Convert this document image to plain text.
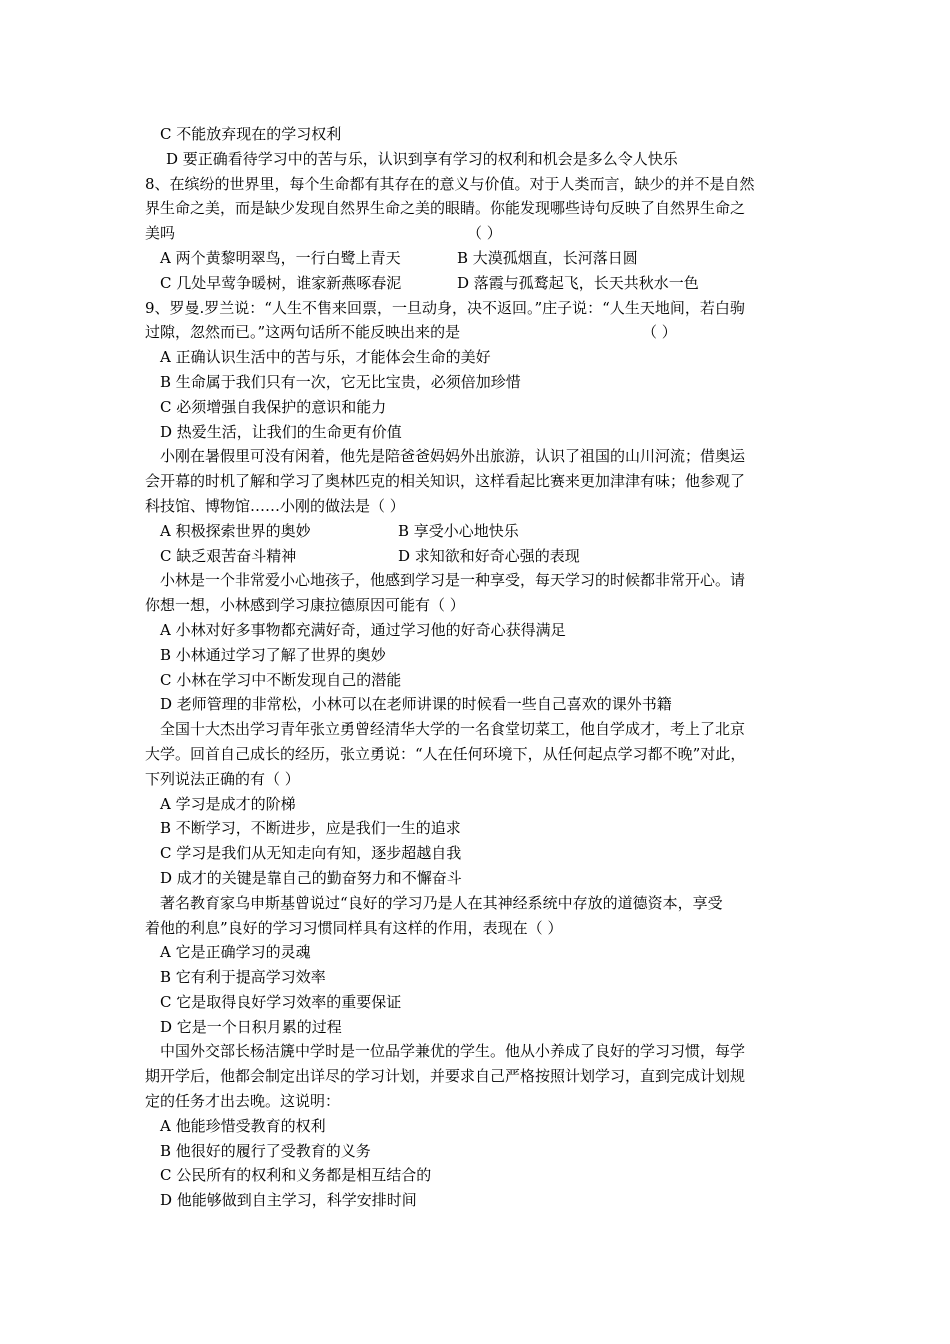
C 不能放弃现在的学习权利
D 要正确看待学习中的苦与乐，认识到享有学习的权利和机会是多么令人快乐
8、在缤纷的世界里，每个生命都有其存在的意义与价值。对于人类而言，缺少的并不是自然
界生命之美，而是缺少发现自然界生命之美的眼睛。你能发现哪些诗句反映了自然界生命之
美吗	（ ）
A 两个黄黎明翠鸟，一行白鹭上青天	B 大漠孤烟直，长河落日圆
C 几处早莺争暖树，谁家新燕啄春泥	D 落霞与孤鹜起飞，长天共秋水一色
9、罗曼.罗兰说：“人生不售来回票，一旦动身，决不返回。”庄子说：“人生天地间，若白驹
过隙，忽然而已。”这两句话所不能反映出来的是	（ ）
A 正确认识生活中的苦与乐，才能体会生命的美好
B 生命属于我们只有一次，它无比宝贵，必须倍加珍惜
C 必须增强自我保护的意识和能力
D 热爱生活，让我们的生命更有价值
小刚在暑假里可没有闲着，他先是陪爸爸妈妈外出旅游，认识了祖国的山川河流；借奥运
会开幕的时机了解和学习了奥林匹克的相关知识，这样看起比赛来更加津津有味；他参观了
科技馆、博物馆……小刚的做法是（ ）
A 积极探索世界的奥妙	B 享受小心地快乐
C 缺乏艰苦奋斗精神	D 求知欲和好奇心强的表现
小林是一个非常爱小心地孩子，他感到学习是一种享受，每天学习的时候都非常开心。请
你想一想，小林感到学习康拉德原因可能有（ ）
A 小林对好多事物都充满好奇，通过学习他的好奇心获得满足
B 小林通过学习了解了世界的奥妙
C 小林在学习中不断发现自己的潜能
D 老师管理的非常松，小林可以在老师讲课的时候看一些自己喜欢的课外书籍
全国十大杰出学习青年张立勇曾经清华大学的一名食堂切菜工，他自学成才，考上了北京
大学。回首自己成长的经历，张立勇说：“人在任何环境下，从任何起点学习都不晚”对此，
下列说法正确的有（ ）
A 学习是成才的阶梯
B 不断学习，不断进步，应是我们一生的追求
C 学习是我们从无知走向有知，逐步超越自我
D 成才的关键是靠自己的勤奋努力和不懈奋斗
著名教育家乌申斯基曾说过“良好的学习乃是人在其神经系统中存放的道德资本，享受
着他的利息”良好的学习习惯同样具有这样的作用，表现在（ ）
A 它是正确学习的灵魂
B 它有利于提高学习效率
C 它是取得良好学习效率的重要保证
D 它是一个日积月累的过程
中国外交部长杨洁篪中学时是一位品学兼优的学生。他从小养成了良好的学习习惯，每学
期开学后，他都会制定出详尽的学习计划，并要求自己严格按照计划学习，直到完成计划规
定的任务才出去晚。这说明：
A 他能珍惜受教育的权利
B 他很好的履行了受教育的义务
C 公民所有的权利和义务都是相互结合的
D 他能够做到自主学习，科学安排时间
